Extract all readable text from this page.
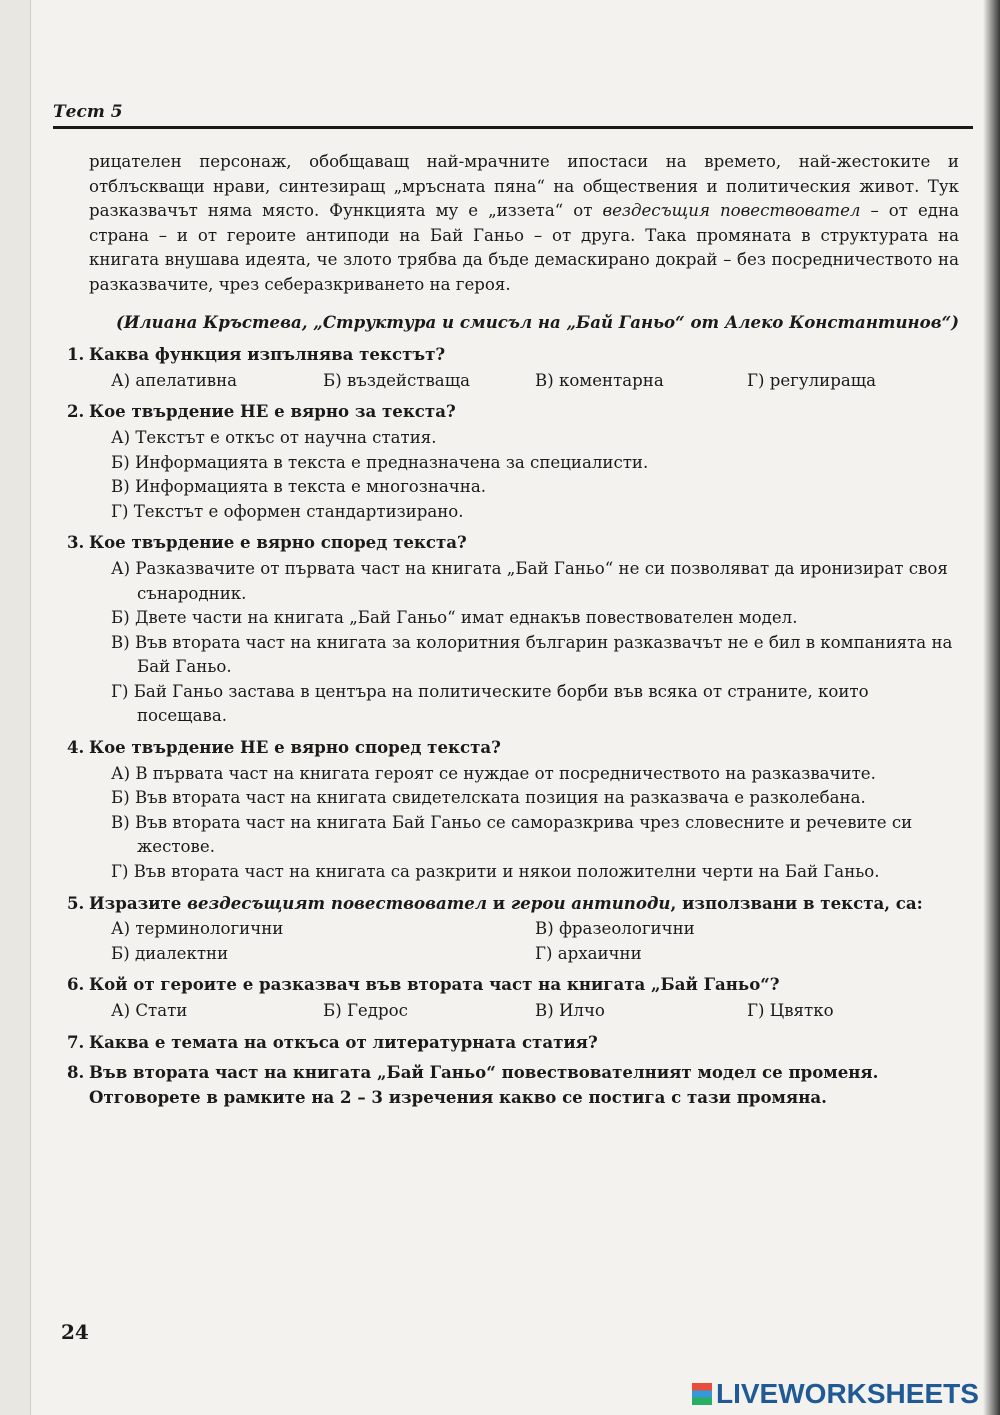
Тест 5

рицателен персонаж, обобщаващ най-мрачните ипостаси на времето, най-жестоките и отблъскващи нрави, синтезиращ „мръсната пяна“ на обществения и политическия живот. Тук разказвачът няма място. Функцията му е „иззета“ от вездесъщия повествовател – от една страна – и от героите антиподи на Бай Ганьо – от друга. Така промяната в структурата на книгата внушава идеята, че злото трябва да бъде демаскирано докрай – без посредничеството на разказвачите, чрез себеразкриването на героя.

(Илиана Кръстева, „Структура и смисъл на „Бай Ганьо“ от Алеко Константинов“)
1. Каква функция изпълнява текстът?
А) апелативна	Б) въздействаща	В) коментарна	Г) регулираща
2. Кое твърдение НЕ е вярно за текста?
А) Текстът е откъс от научна статия.
Б) Информацията в текста е предназначена за специалисти.
В) Информацията в текста е многозначна.
Г) Текстът е оформен стандартизирано.
3. Кое твърдение е вярно според текста?
А) Разказвачите от първата част на книгата „Бай Ганьо“ не си позволяват да иронизират своя сънародник.
Б) Двете части на книгата „Бай Ганьо“ имат еднакъв повествователен модел.
В) Във втората част на книгата за колоритния българин разказвачът не е бил в компанията на Бай Ганьо.
Г) Бай Ганьо застава в центъра на политическите борби във всяка от страните, които посещава.
4. Кое твърдение НЕ е вярно според текста?
А) В първата част на книгата героят се нуждае от посредничеството на разказвачите.
Б) Във втората част на книгата свидетелската позиция на разказвача е разколебана.
В) Във втората част на книгата Бай Ганьо се саморазкрива чрез словесните и речевите си жестове.
Г) Във втората част на книгата са разкрити и някои положителни черти на Бай Ганьо.
5. Изразите вездесъщият повествовател и герои антиподи, използвани в текста, са:
А) терминологични	В) фразеологични
Б) диалектни	Г) архаични
6. Кой от героите е разказвач във втората част на книгата „Бай Ганьо“?
А) Стати	Б) Гедрос	В) Илчо	Г) Цвятко
7. Каква е темата на откъса от литературната статия?
8. Във втората част на книгата „Бай Ганьо“ повествователният модел се променя. Отговорете в рамките на 2 – 3 изречения какво се постига с тази промяна.
24
LIVEWORKSHEETS
